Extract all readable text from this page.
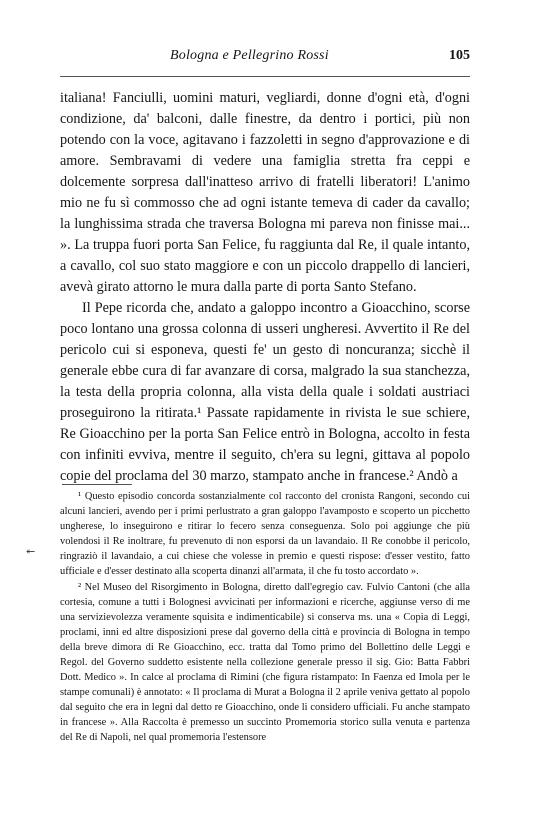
Bologna e Pellegrino Rossi	105

italiana! Fanciulli, uomini maturi, vegliardi, donne d'ogni età, d'ogni condizione, da' balconi, dalle finestre, da dentro i portici, più non potendo con la voce, agitavano i fazzoletti in segno d'approvazione e di amore. Sembravami di vedere una famiglia stretta fra ceppi e dolcemente sorpresa dall'inatteso arrivo di fratelli liberatori! L'animo mio ne fu sì commosso che ad ogni istante temeva di cader da cavallo; la lunghissima strada che traversa Bologna mi pareva non finisse mai... ». La truppa fuori porta San Felice, fu raggiunta dal Re, il quale intanto, a cavallo, col suo stato maggiore e con un piccolo drappello di lancieri, avevà girato attorno le mura dalla parte di porta Santo Stefano.

Il Pepe ricorda che, andato a galoppo incontro a Gioacchino, scorse poco lontano una grossa colonna di usseri ungheresi. Avvertito il Re del pericolo cui si esponeva, questi fe' un gesto di noncuranza; sicchè il generale ebbe cura di far avanzare di corsa, malgrado la sua stanchezza, la testa della propria colonna, alla vista della quale i soldati austriaci proseguirono la ritirata.¹ Passate rapidamente in rivista le sue schiere, Re Gioacchino per la porta San Felice entrò in Bologna, accolto in festa con infiniti evviva, mentre il seguito, ch'era su legni, gittava al popolo copie del proclama del 30 marzo, stampato anche in francese.² Andò a

¹ Questo episodio concorda sostanzialmente col racconto del cronista Rangoni, secondo cui alcuni lancieri, avendo per i primi perlustrato a gran galoppo l'avamposto e scoperto un picchetto ungherese, lo inseguirono e ritirar lo fecero senza conseguenza. Solo poi aggiunge che più volendosi il Re inoltrare, fu prevenuto di non esporsi da un lavandaio. Il Re conobbe il pericolo, ringraziò il lavandaio, a cui chiese che volesse in premio e questi rispose: d'esser vestito, fatto ufficiale e d'esser destinato alla scoperta dinanzi all'armata, il che fu tosto accordato ».

² Nel Museo del Risorgimento in Bologna, diretto dall'egregio cav. Fulvio Cantoni (che alla cortesia, comune a tutti i Bolognesi avvicinati per informazioni e ricerche, aggiunse verso di me una servizievolezza veramente squisita e indimenticabile) si conserva ms. una « Copia di Leggi, proclami, inni ed altre disposizioni prese dal governo della città e provincia di Bologna in tempo della breve dimora di Re Gioacchino, ecc. tratta dal Tomo primo del Bollettino delle Leggi e Regol. del Governo suddetto esistente nella collezione generale presso il sig. Gio: Batta Fabbri Dott. Medico ». In calce al proclama di Rimini (che figura ristampato: In Faenza ed Imola per le stampe comunali) è annotato: « Il proclama di Murat a Bologna il 2 aprile veniva gettato al popolo dal seguito che era in legni dal detto re Gioacchino, onde li considero ufficiali. Fu anche stampato in francese ». Alla Raccolta è premesso un succinto Promemoria storico sulla venuta e partenza del Re di Napoli, nel qual promemoria l'estensore

↞
